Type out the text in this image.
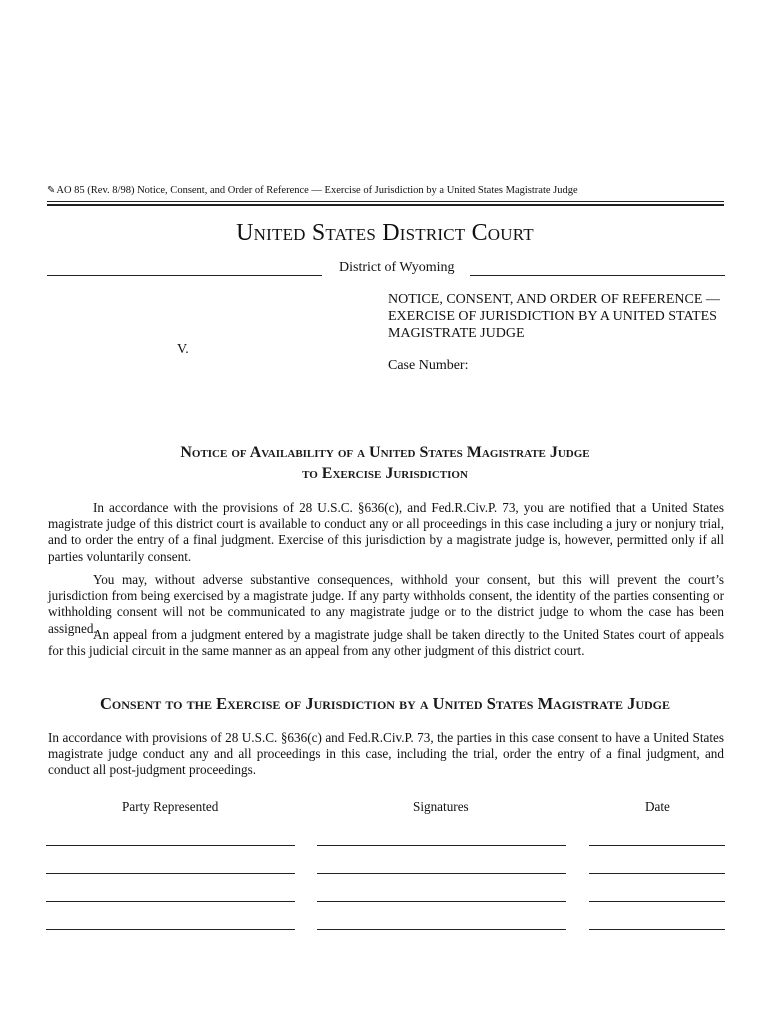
✎AO 85 (Rev. 8/98) Notice, Consent, and Order of Reference — Exercise of Jurisdiction by a United States Magistrate Judge
United States District Court
District of Wyoming
NOTICE, CONSENT, AND ORDER OF REFERENCE — EXERCISE OF JURISDICTION BY A UNITED STATES MAGISTRATE JUDGE
V.
Case Number:
Notice of Availability of a United States Magistrate Judge
to Exercise Jurisdiction
In accordance with the provisions of 28 U.S.C. §636(c), and Fed.R.Civ.P. 73, you are notified that a United States magistrate judge of this district court is available to conduct any or all proceedings in this case including a jury or nonjury trial, and to order the entry of a final judgment. Exercise of this jurisdiction by a magistrate judge is, however, permitted only if all parties voluntarily consent.
You may, without adverse substantive consequences, withhold your consent, but this will prevent the court’s jurisdiction from being exercised by a magistrate judge. If any party withholds consent, the identity of the parties consenting or withholding consent will not be communicated to any magistrate judge or to the district judge to whom the case has been assigned.
An appeal from a judgment entered by a magistrate judge shall be taken directly to the United States court of appeals for this judicial circuit in the same manner as an appeal from any other judgment of this district court.
Consent to the Exercise of Jurisdiction by a United States Magistrate Judge
In accordance with provisions of 28 U.S.C. §636(c) and Fed.R.Civ.P. 73, the parties in this case consent to have a United States magistrate judge conduct any and all proceedings in this case, including the trial, order the entry of a final judgment, and conduct all post-judgment proceedings.
Party Represented	Signatures	Date
